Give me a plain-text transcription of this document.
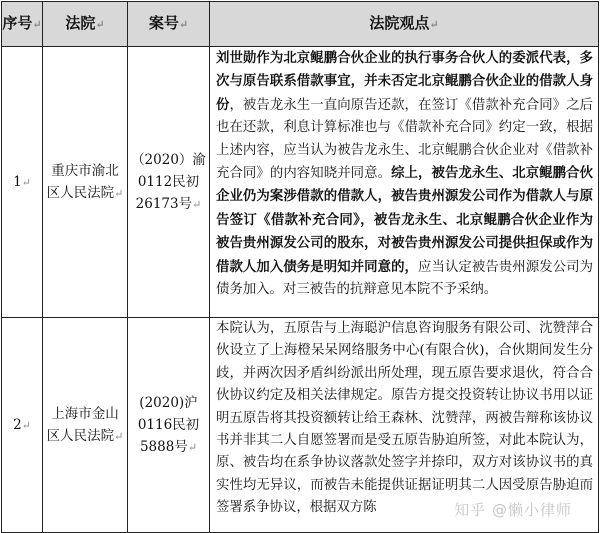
序号↵	法院↵	案号↵	法院观点↵
1↵	重庆市渝北区人民法院↵	（2020）渝0112民初26173号↵	刘世勋作为北京鲲鹏合伙企业的执行事务合伙人的委派代表，多次与原告联系借款事宜，并未否定北京鲲鹏合伙企业的借款人身份，被告龙永生一直向原告还款，在签订《借款补充合同》之后也在还款，利息计算标准也与《借款补充合同》约定一致，根据上述内容，应当认为被告龙永生、北京鲲鹏合伙企业对《借款补充合同》的内容知晓并同意。综上，被告龙永生、北京鲲鹏合伙企业仍为案涉借款的借款人，被告贵州源发公司作为借款人与原告签订《借款补充合同》，被告龙永生、北京鲲鹏合伙企业作为被告贵州源发公司的股东，对被告贵州源发公司提供担保或作为借款人加入债务是明知并同意的，应当认定被告贵州源发公司为债务加入。对三被告的抗辩意见本院不予采纳。
2↵	上海市金山区人民法院↵	(2020)沪0116民初5888号↵	本院认为，五原告与上海聪沪信息咨询服务有限公司、沈赞萍合伙设立了上海橙呆呆网络服务中心(有限合伙)，合伙期间发生分歧，并两次因矛盾纠纷派出所处理，现五原告要求退伙，符合合伙协议约定及相关法律规定。原告方提交投资转让协议书用以证明五原告将其投资额转让给王森林、沈赞萍，两被告辩称该协议书并非其二人自愿签署而是受五原告胁迫所签，对此本院认为，原、被告均在系争协议落款处签字并捺印，双方对该协议书的真实性均无异议，而被告未能提供证据证明其二人因受原告胁迫而签署系争协议，根据双方陈	知乎 @懒小律师
